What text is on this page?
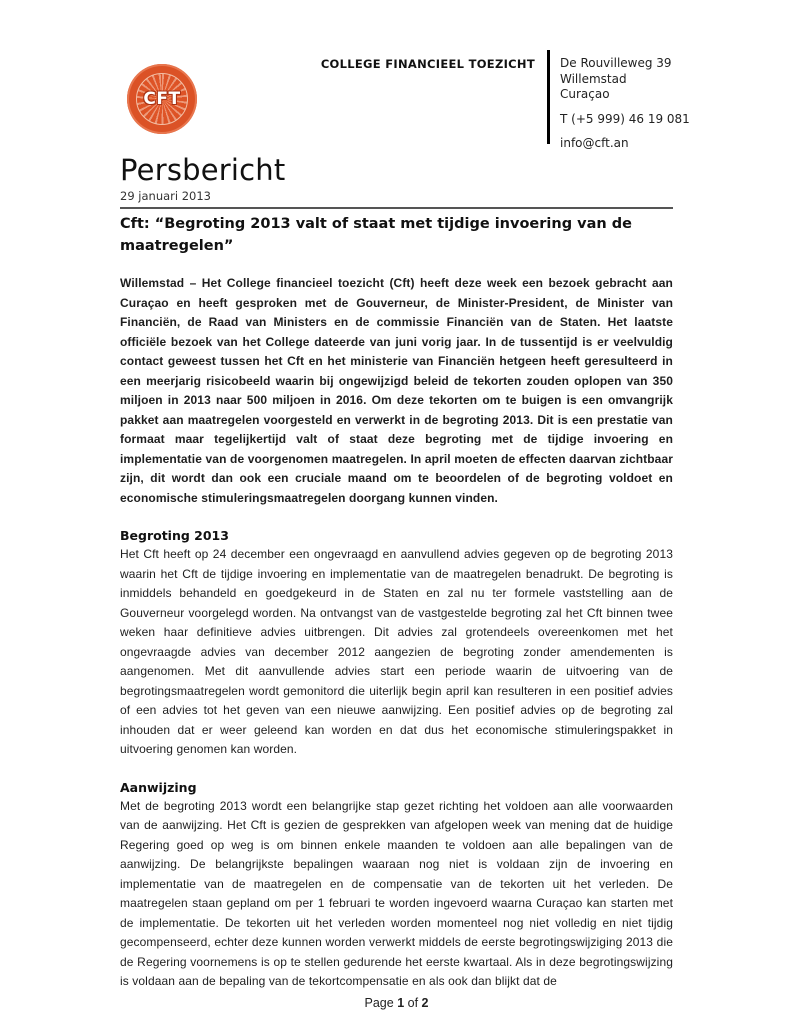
CFT
COLLEGE FINANCIEEL TOEZICHT De Rouvilleweg 39
Willemstad
Curaçao
T (+5 999) 46 19 081
info@cft.an
Persbericht
29 januari 2013
Cft: “Begroting 2013 valt of staat met tijdige invoering van de maatregelen”

Willemstad – Het College financieel toezicht (Cft) heeft deze week een bezoek gebracht aan Curaçao en heeft gesproken met de Gouverneur, de Minister-President, de Minister van Financiën, de Raad van Ministers en de commissie Financiën van de Staten. Het laatste officiële bezoek van het College dateerde van juni vorig jaar. In de tussentijd is er veelvuldig contact geweest tussen het Cft en het ministerie van Financiën hetgeen heeft geresulteerd in een meerjarig risicobeeld waarin bij ongewijzigd beleid de tekorten zouden oplopen van 350 miljoen in 2013 naar 500 miljoen in 2016. Om deze tekorten om te buigen is een omvangrijk pakket aan maatregelen voorgesteld en verwerkt in de begroting 2013. Dit is een prestatie van formaat maar tegelijkertijd valt of staat deze begroting met de tijdige invoering en implementatie van de voorgenomen maatregelen. In april moeten de effecten daarvan zichtbaar zijn, dit wordt dan ook een cruciale maand om te beoordelen of de begroting voldoet en economische stimuleringsmaatregelen doorgang kunnen vinden.

Begroting 2013

Het Cft heeft op 24 december een ongevraagd en aanvullend advies gegeven op de begroting 2013 waarin het Cft de tijdige invoering en implementatie van de maatregelen benadrukt. De begroting is inmiddels behandeld en goedgekeurd in de Staten en zal nu ter formele vaststelling aan de Gouverneur voorgelegd worden. Na ontvangst van de vastgestelde begroting zal het Cft binnen twee weken haar definitieve advies uitbrengen. Dit advies zal grotendeels overeenkomen met het ongevraagde advies van december 2012 aangezien de begroting zonder amendementen is aangenomen. Met dit aanvullende advies start een periode waarin de uitvoering van de begrotingsmaatregelen wordt gemonitord die uiterlijk begin april kan resulteren in een positief advies of een advies tot het geven van een nieuwe aanwijzing. Een positief advies op de begroting zal inhouden dat er weer geleend kan worden en dat dus het economische stimuleringspakket in uitvoering genomen kan worden.

Aanwijzing

Met de begroting 2013 wordt een belangrijke stap gezet richting het voldoen aan alle voorwaarden van de aanwijzing. Het Cft is gezien de gesprekken van afgelopen week van mening dat de huidige Regering goed op weg is om binnen enkele maanden te voldoen aan alle bepalingen van de aanwijzing. De belangrijkste bepalingen waaraan nog niet is voldaan zijn de invoering en implementatie van de maatregelen en de compensatie van de tekorten uit het verleden. De maatregelen staan gepland om per 1 februari te worden ingevoerd waarna Curaçao kan starten met de implementatie. De tekorten uit het verleden worden momenteel nog niet volledig en niet tijdig gecompenseerd, echter deze kunnen worden verwerkt middels de eerste begrotingswijziging 2013 die de Regering voornemens is op te stellen gedurende het eerste kwartaal. Als in deze begrotingswijzing is voldaan aan de bepaling van de tekortcompensatie en als ook dan blijkt dat de

Page 1 of 2
